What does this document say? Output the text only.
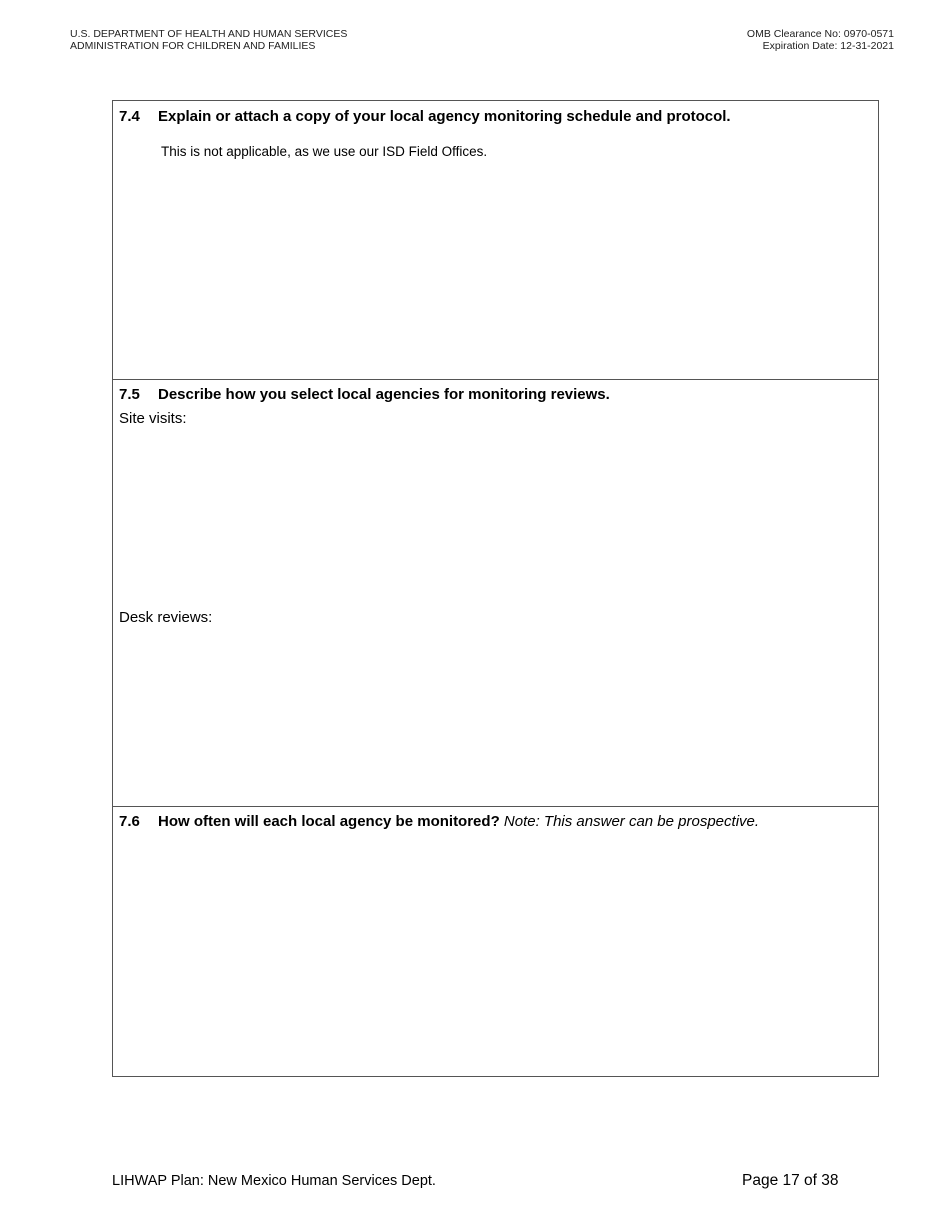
U.S. DEPARTMENT OF HEALTH AND HUMAN SERVICES
ADMINISTRATION FOR CHILDREN AND FAMILIES
OMB Clearance No: 0970-0571
Expiration Date: 12-31-2021
7.4 Explain or attach a copy of your local agency monitoring schedule and protocol.
This is not applicable, as we use our ISD Field Offices.
7.5 Describe how you select local agencies for monitoring reviews.
Site visits:
Desk reviews:
7.6 How often will each local agency be monitored? Note: This answer can be prospective.
LIHWAP Plan: New Mexico Human Services Dept.	Page 17 of 38
